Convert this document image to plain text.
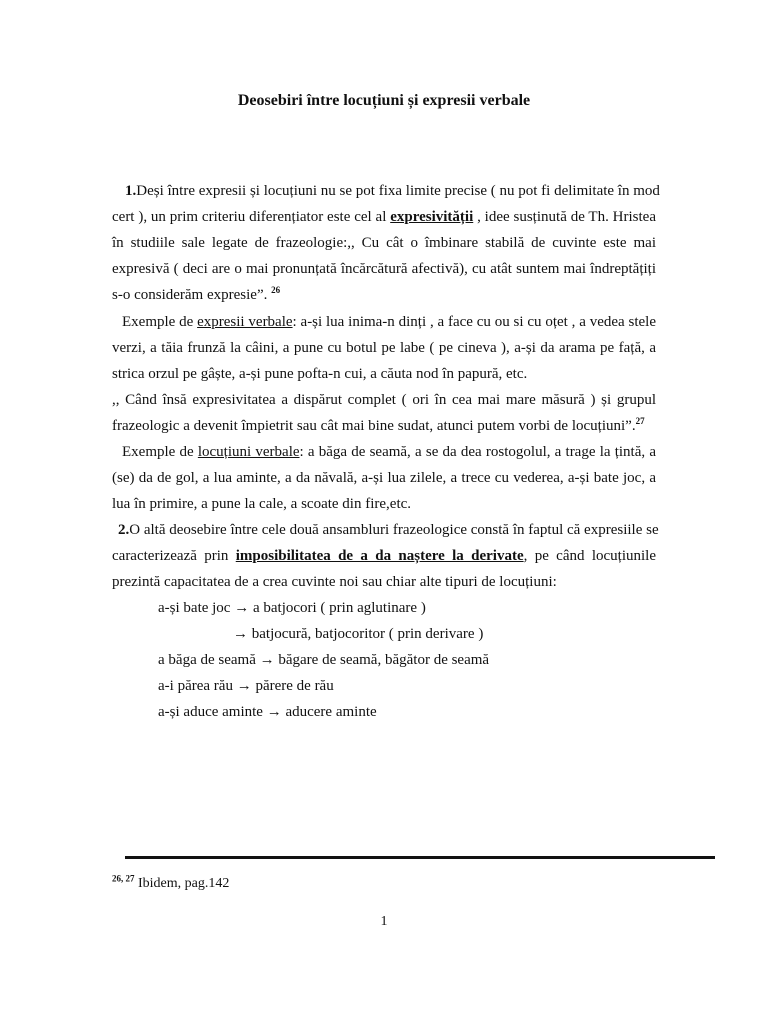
Deosebiri între locuțiuni și expresii verbale
1.Deși între expresii și locuțiuni nu se pot fixa limite precise ( nu pot fi delimitate în mod
cert ), un prim criteriu diferențiator este cel al expresivității , idee susținută de Th. Hristea
în studiile sale legate de frazeologie:,, Cu cât o îmbinare stabilă de cuvinte este mai
expresivă ( deci are o mai pronunțată încărcătură afectivă), cu atât suntem mai îndreptățiți
s-o considerăm expresie”. $^{26}$
Exemple de expresii verbale: a-și lua inima-n dinți , a face cu ou si cu oțet , a vedea stele
verzi, a tăia frunză la câini, a pune cu botul pe labe ( pe cineva ), a-și da arama pe față, a
strica orzul pe gâște, a-și pune pofta-n cui, a căuta nod în papură, etc.
,, Când însă expresivitatea a dispărut complet ( ori în cea mai mare măsură ) și grupul
frazeologic a devenit împietrit sau cât mai bine sudat, atunci putem vorbi de locuțiuni”.$^{27}$
Exemple de locuțiuni verbale: a băga de seamă, a se da dea rostogolul, a trage la țintă, a
(se) da de gol, a lua aminte, a da năvală, a-și lua zilele, a trece cu vederea, a-și bate joc, a
lua în primire, a pune la cale, a scoate din fire,etc.
2.O altă deosebire între cele două ansambluri frazeologice constă în faptul că expresiile se
caracterizează prin imposibilitatea de a da naștere la derivate, pe când locuțiunile
prezintă capacitatea de a crea cuvinte noi sau chiar alte tipuri de locuțiuni:
a-și bate joc → a batjocori ( prin aglutinare )
→ batjocură, batjocoritor ( prin derivare )
a băga de seamă → băgare de seamă, băgător de seamă
a-i părea rău → părere de rău
a-și aduce aminte → aducere aminte
$^{26, 27}$ Ibidem, pag.142
1
